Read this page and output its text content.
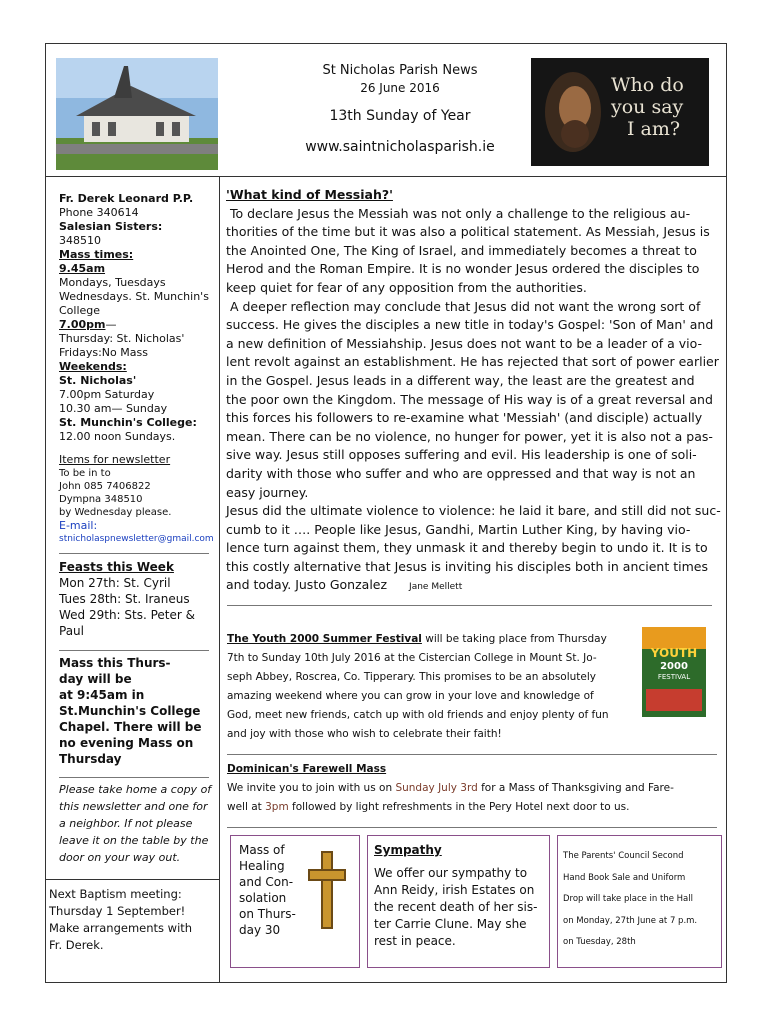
St Nicholas Parish News
26 June 2016
13th Sunday of Year
www.saintnicholasparish.ie
Who do
you say
I am?
Fr. Derek Leonard P.P.
Phone 340614
Salesian Sisters:
348510
Mass times:
9.45am
Mondays, Tuesdays
Wednesdays. St. Munchin's
College
7.00pm—
Thursday: St. Nicholas'
Fridays:No Mass
Weekends:
St. Nicholas'
7.00pm Saturday
10.30 am— Sunday
St. Munchin's College:
12.00 noon Sundays.
Items for newsletter
To be in to
John 085 7406822
Dympna 348510
by Wednesday please.
E-mail:
stnicholaspnewsletter@gmail.com
Feasts this Week
Mon 27th: St. Cyril
Tues 28th: St. Iraneus
Wed 29th: Sts. Peter &
Paul
Mass this Thurs-
day will be
at 9:45am in
St.Munchin's College
Chapel. There will be
no evening Mass on
Thursday
Please take home a copy of
this newsletter and one for
a neighbor. If not please
leave it on the table by the
door on your way out.
Next Baptism meeting:
Thursday 1 September!
Make arrangements with
Fr. Derek.
'What kind of Messiah?'
To declare Jesus the Messiah was not only a challenge to the religious au-
thorities of the time but it was also a political statement. As Messiah, Jesus is
the Anointed One, The King of Israel, and immediately becomes a threat to
Herod and the Roman Empire. It is no wonder Jesus ordered the disciples to
keep quiet for fear of any opposition from the authorities.
A deeper reflection may conclude that Jesus did not want the wrong sort of
success. He gives the disciples a new title in today's Gospel: 'Son of Man' and
a new definition of Messiahship. Jesus does not want to be a leader of a vio-
lent revolt against an establishment. He has rejected that sort of power earlier
in the Gospel. Jesus leads in a different way, the least are the greatest and
the poor own the Kingdom. The message of His way is of a great reversal and
this forces his followers to re-examine what 'Messiah' (and disciple) actually
mean. There can be no violence, no hunger for power, yet it is also not a pas-
sive way. Jesus still opposes suffering and evil. His leadership is one of soli-
darity with those who suffer and who are oppressed and that way is not an
easy journey.
Jesus did the ultimate violence to violence: he laid it bare, and still did not suc-
cumb to it …. People like Jesus, Gandhi, Martin Luther King, by having vio-
lence turn against them, they unmask it and thereby begin to undo it. It is to
this costly alternative that Jesus is inviting his disciples both in ancient times
and today. Justo Gonzalez Jane Mellett
The Youth 2000 Summer Festival will be taking place from Thursday
7th to Sunday 10th July 2016 at the Cistercian College in Mount St. Jo-
seph Abbey, Roscrea, Co. Tipperary. This promises to be an absolutely
amazing weekend where you can grow in your love and knowledge of
God, meet new friends, catch up with old friends and enjoy plenty of fun
and joy with those who wish to celebrate their faith!
YOUTH
2000
FESTIVAL
Dominican's Farewell Mass
We invite you to join with us on Sunday July 3rd for a Mass of Thanksgiving and Fare-
well at 3pm followed by light refreshments in the Pery Hotel next door to us.
Mass of
Healing
and Con-
solation
on Thurs-
day 30
Sympathy
We offer our sympathy to
Ann Reidy, irish Estates on
the recent death of her sis-
ter Carrie Clune. May she
rest in peace.
The Parents' Council Second
Hand Book Sale and Uniform
Drop will take place in the Hall
on Monday, 27th June at 7 p.m.
on Tuesday, 28th
